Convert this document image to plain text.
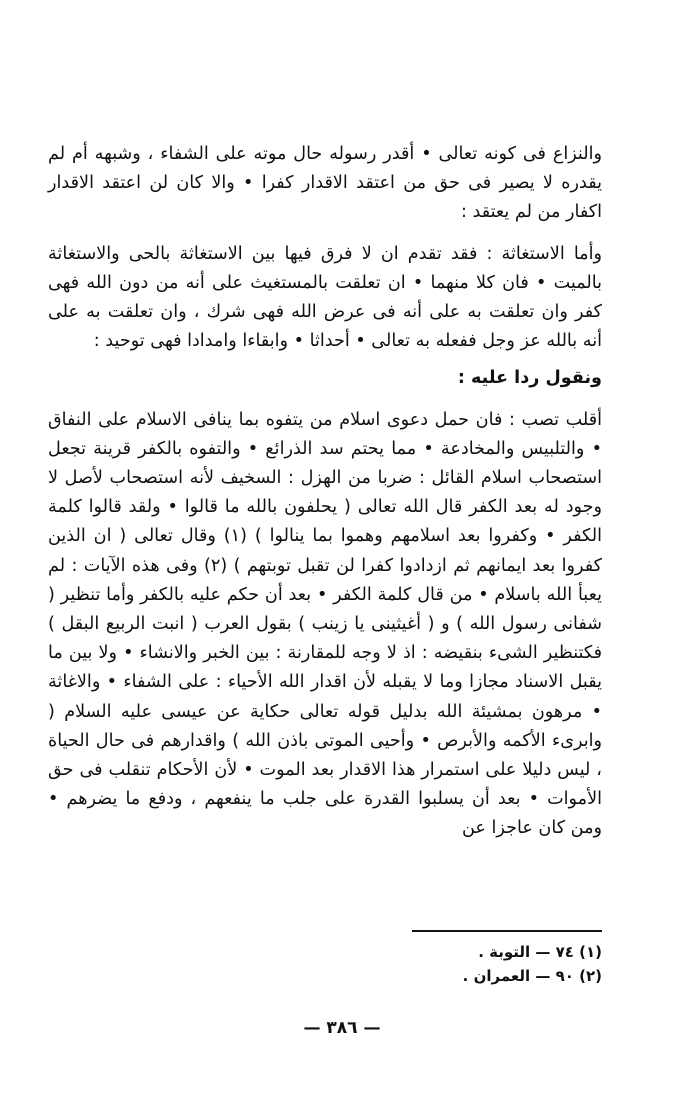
والنزاع فى كونه تعالى • أقدر رسوله حال موته على الشفاء ، وشبهه أم لم يقدره لا يصير فى حق من اعتقد الاقدار كفرا • والا كان لن اعتقد الاقدار اكفار من لم يعتقد :

وأما الاستغاثة : فقد تقدم ان لا فرق فيها بين الاستغاثة بالحى والاستغاثة بالميت • فان كلا منهما • ان تعلقت بالمستغيث على أنه من دون الله فهى كفر وان تعلقت به على أنه فى عرض الله فهى شرك ، وان تعلقت به على أنه بالله عز وجل ففعله به تعالى • أحداثا • وابقاءا وامدادا فهى توحيد :

ونقول ردا عليه :

أقلب تصب : فان حمل دعوى اسلام من يتفوه بما ينافى الاسلام على النفاق • والتلبيس والمخادعة • مما يحتم سد الذرائع • والتفوه بالكفر قرينة تجعل استصحاب اسلام القائل : ضربا من الهزل : السخيف لأنه استصحاب لأصل لا وجود له بعد الكفر قال الله تعالى ( يحلفون بالله ما قالوا • ولقد قالوا كلمة الكفر • وكفروا بعد اسلامهم وهموا بما ينالوا ) (١) وقال تعالى ( ان الذين كفروا بعد ايمانهم ثم ازدادوا كفرا لن تقبل توبتهم ) (٢) وفى هذه الآيات : لم يعبأ الله باسلام • من قال كلمة الكفر • بعد أن حكم عليه بالكفر وأما تنظير ( شفانى رسول الله ) و ( أغيثينى يا زينب ) بقول العرب ( انبت الربيع البقل ) فكتنظير الشىء بنقيضه : اذ لا وجه للمقارنة : بين الخبر والانشاء • ولا بين ما يقبل الاسناد مجازا وما لا يقبله لأن اقدار الله الأحياء : على الشفاء • والاغاثة • مرهون بمشيئة الله بدليل قوله تعالى حكاية عن عيسى عليه السلام ( وابرىء الأكمه والأبرص • وأحيى الموتى باذن الله ) واقدارهم فى حال الحياة ، ليس دليلا على استمرار هذا الاقدار بعد الموت • لأن الأحكام تنقلب فى حق الأموات • بعد أن يسلبوا القدرة على جلب ما ينفعهم ، ودفع ما يضرهم • ومن كان عاجزا عن

(١) ٧٤ — التوبة .

(٢) ٩٠ — العمران .

— ٣٨٦ —
